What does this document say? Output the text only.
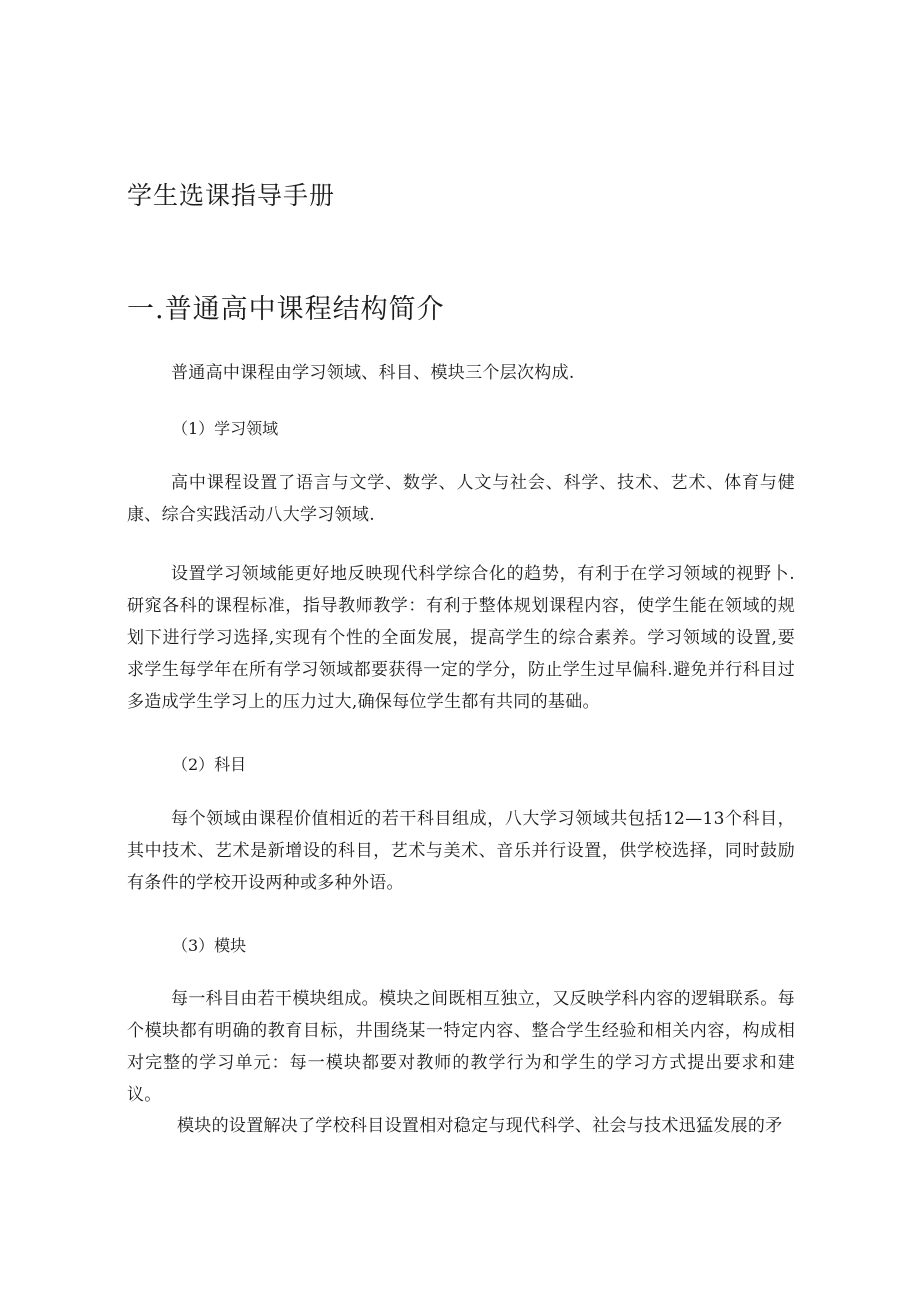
学生选课指导手册
一.普通高中课程结构简介

普通高中课程由学习领域、科目、模块三个层次构成.

（1）学习领域

高中课程设置了语言与文学、数学、人文与社会、科学、技术、艺术、体育与健康、综合实践活动八大学习领域.

设置学习领域能更好地反映现代科学综合化的趋势，有利于在学习领域的视野卜.研窕各科的课程标准，指导教师教学：有利于整体规划课程内容，使学生能在领域的规划下进行学习选择,实现有个性的全面发展，提高学生的综合素养。学习领域的设置,要求学生每学年在所有学习领域都要获得一定的学分，防止学生过早偏科.避免并行科目过多造成学生学习上的压力过大,确保每位学生都有共同的基础。

（2）科目

每个领域由课程价值相近的若干科目组成，八大学习领域共包括12—13个科目，其中技术、艺术是新增设的科目，艺术与美术、音乐并行设置，供学校选择，同时鼓励有条件的学校开设两种或多种外语。

（3）模块

每一科目由若干模块组成。模块之间既相互独立，又反映学科内容的逻辑联系。每个模块都有明确的教育目标，井围绕某一特定内容、整合学生经验和相关内容，构成相对完整的学习单元：每一模块都要对教师的教学行为和学生的学习方式提出要求和建议。

模块的设置解决了学校科目设置相对稳定与现代科学、社会与技术迅猛发展的矛
